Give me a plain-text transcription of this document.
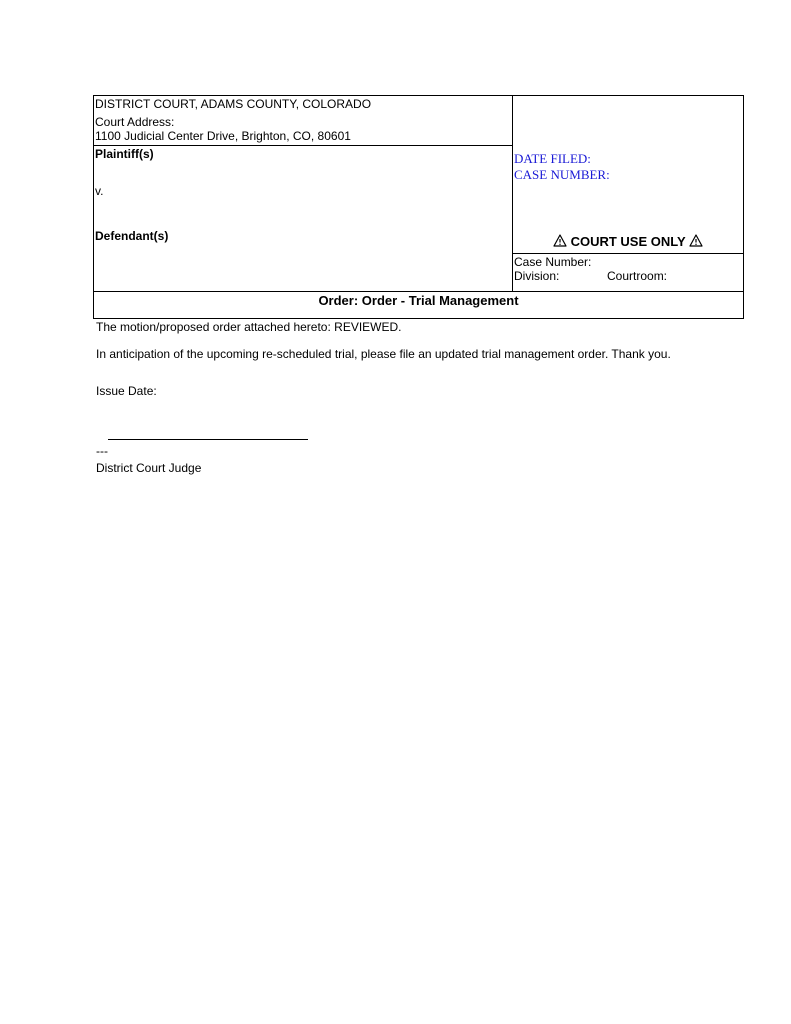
DISTRICT COURT, ADAMS COUNTY, COLORADO
Court Address:
1100 Judicial Center Drive, Brighton, CO, 80601
Plaintiff(s)
v.
Defendant(s)
DATE FILED:
CASE NUMBER:
COURT USE ONLY
Case Number:
Division:	Courtroom:
Order: Order - Trial Management
The motion/proposed order attached hereto: REVIEWED.
In anticipation of the upcoming re-scheduled trial, please file an updated trial management order. Thank you.
Issue Date:
---
District Court Judge
